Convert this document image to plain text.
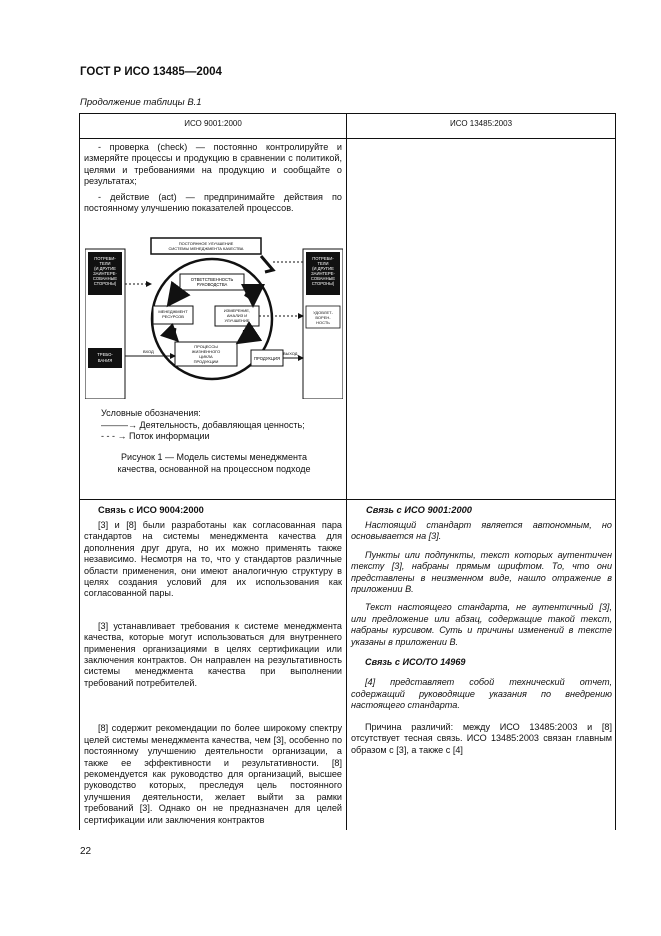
ГОСТ Р ИСО 13485—2004
Продолжение таблицы В.1
ИСО 9001:2000	ИСО 13485:2003

- проверка (check) — постоянно контролируйте и измеряйте процессы и продукцию в сравнении с политикой, целями и требованиями на продукцию и сообщайте о результатах;

- действие (act) — предпринимайте действия по постоянному улучшению показателей процессов.

ПОТРЕБИ-ТЕЛИ (И ДРУГИЕ ЗАИНТЕРЕ-СОВАННЫЕ СТОРОНЫ)
ТРЕБО-ВАНИЯ
ПОТРЕБИ-ТЕЛИ (И ДРУГИЕ ЗАИНТЕРЕ-СОВАННЫЕ СТОРОНЫ)
УДОВЛЕТ-ВОРЕН-НОСТЬ
ПОСТОЯННОЕ УЛУЧШЕНИЕ СИСТЕМЫ МЕНЕДЖМЕНТА КАЧЕСТВА
ОТВЕТСТВЕННОСТЬ РУКОВОДСТВА
МЕНЕДЖМЕНТ РЕСУРСОВ
ИЗМЕРЕНИЕ, АНАЛИЗ И УЛУЧШЕНИЕ
ПРОЦЕССЫ ЖИЗНЕННОГО ЦИКЛА ПРОДУКЦИИ
ПРОДУКЦИЯ
ВХОД	ВЫХОД
Условные обозначения:
———→ Деятельность, добавляющая ценность;
- - - → Поток информации
Рисунок 1 — Модель системы менеджмента качества, основанной на процессном подходе
Связь с ИСО 9004:2000

[3] и [8] были разработаны как согласованная пара стандартов на системы менеджмента качества для дополнения друг друга, но их можно применять также независимо. Несмотря на то, что у стандартов различные области применения, они имеют аналогичную структуру в целях создания условий для их использования как согласованной пары.

[3] устанавливает требования к системе менеджмента качества, которые могут использоваться для внутреннего применения организациями в целях сертификации или заключения контрактов. Он направлен на результативность системы менеджмента качества при выполнении требований потребителей.

[8] содержит рекомендации по более широкому спектру целей системы менеджмента качества, чем [3], особенно по постоянному улучшению деятельности организации, а также ее эффективности и результативности. [8] рекомендуется как руководство для организаций, высшее руководство которых, преследуя цель постоянного улучшения деятельности, желает выйти за рамки требований [3]. Однако он не предназначен для целей сертификации или заключения контрактов

Связь с ИСО 9001:2000

Настоящий стандарт является автономным, но основывается на [3].

Пункты или подпункты, текст которых аутентичен тексту [3], набраны прямым шрифтом. То, что они представлены в неизменном виде, нашло отражение в приложении В.

Текст настоящего стандарта, не аутентичный [3], или предложение или абзац, содержащие такой текст, набраны курсивом. Суть и причины изменений в тексте указаны в приложении В.

Связь с ИСО/ТО 14969

[4] представляет собой технический отчет, содержащий руководящие указания по внедрению настоящего стандарта.

Причина различий: между ИСО 13485:2003 и [8] отсутствует тесная связь. ИСО 13485:2003 связан главным образом с [3], а также с [4]

22
